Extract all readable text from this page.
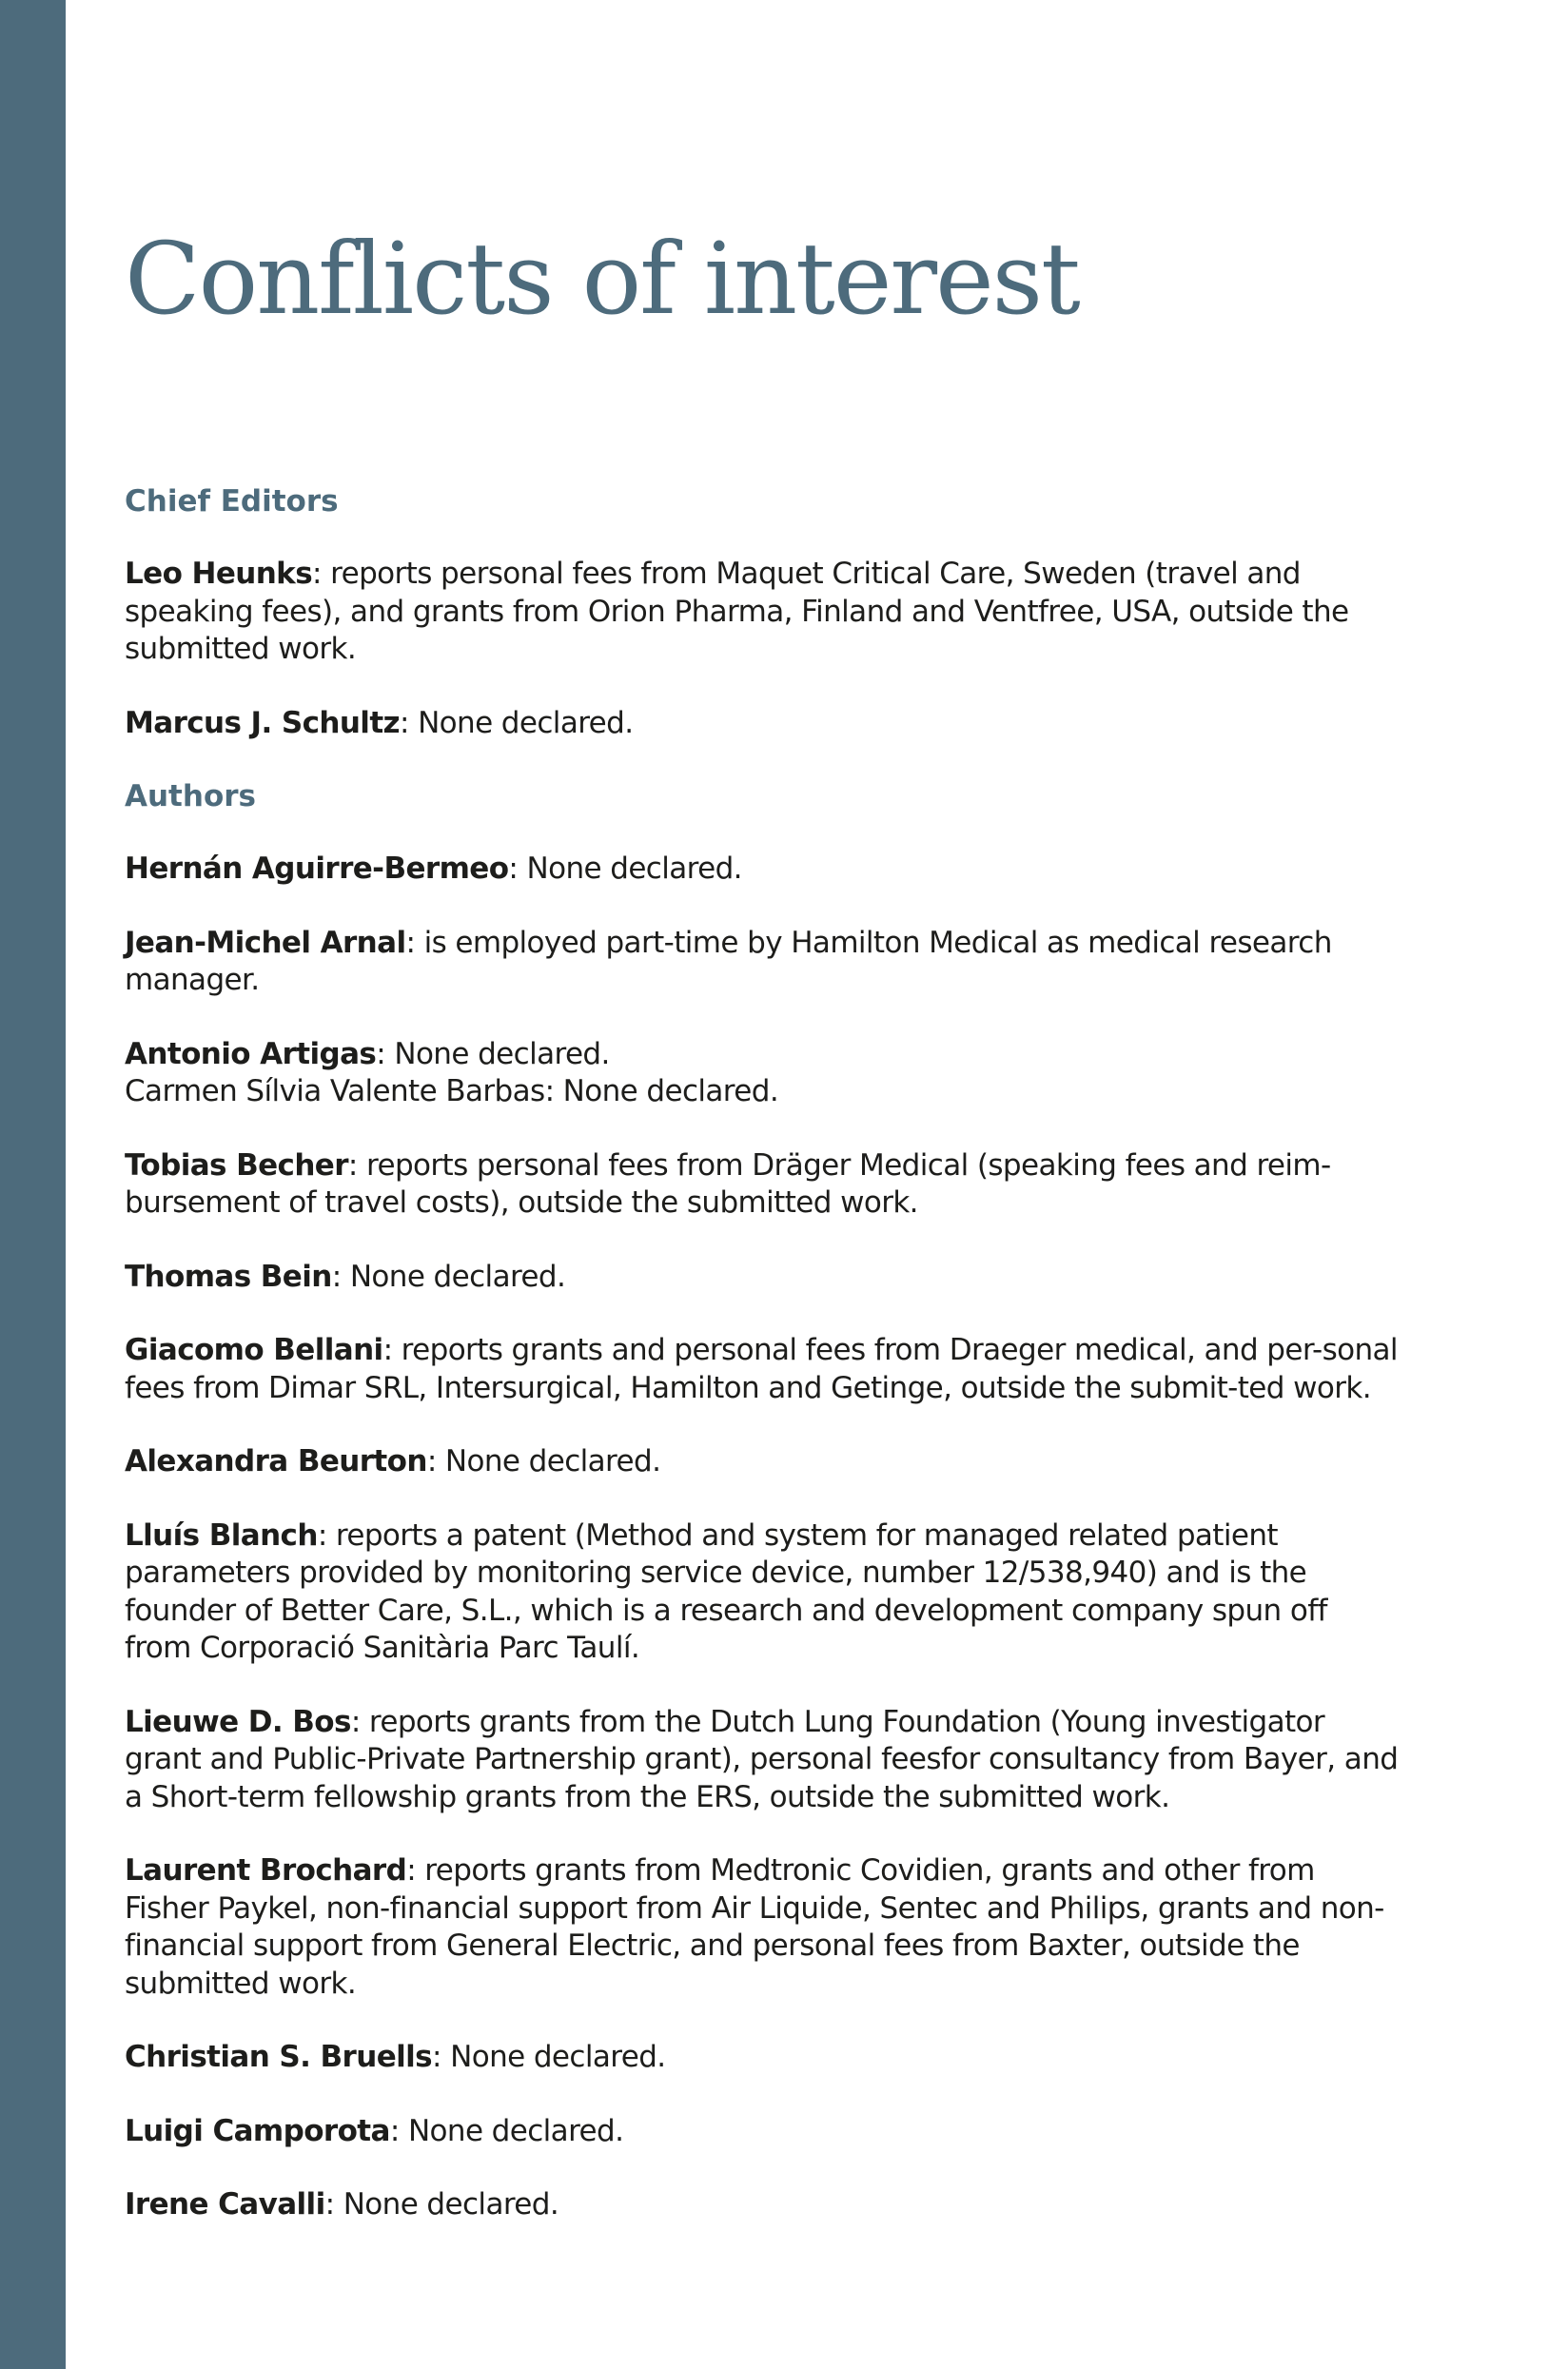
Conflicts of interest
Chief Editors

Leo Heunks: reports personal fees from Maquet Critical Care, Sweden (travel and speaking fees), and grants from Orion Pharma, Finland and Ventfree, USA, outside the submitted work.

Marcus J. Schultz: None declared.

Authors

Hernán Aguirre-Bermeo: None declared.

Jean-Michel Arnal: is employed part-time by Hamilton Medical as medical research manager.

Antonio Artigas: None declared.
Carmen Sílvia Valente Barbas: None declared.

Tobias Becher: reports personal fees from Dräger Medical (speaking fees and reim-bursement of travel costs), outside the submitted work.

Thomas Bein: None declared.

Giacomo Bellani: reports grants and personal fees from Draeger medical, and per-sonal fees from Dimar SRL, Intersurgical, Hamilton and Getinge, outside the submit-ted work.

Alexandra Beurton: None declared.

Lluís Blanch: reports a patent (Method and system for managed related patient parameters provided by monitoring service device, number 12/538,940) and is the founder of Better Care, S.L., which is a research and development company spun off from Corporació Sanitària Parc Taulí.

Lieuwe D. Bos: reports grants from the Dutch Lung Foundation (Young investigator grant and Public-Private Partnership grant), personal feesfor consultancy from Bayer, and a Short-term fellowship grants from the ERS, outside the submitted work.

Laurent Brochard: reports grants from Medtronic Covidien, grants and other from Fisher Paykel, non-financial support from Air Liquide, Sentec and Philips, grants and non-financial support from General Electric, and personal fees from Baxter, outside the submitted work.

Christian S. Bruells: None declared.

Luigi Camporota: None declared.

Irene Cavalli: None declared.
